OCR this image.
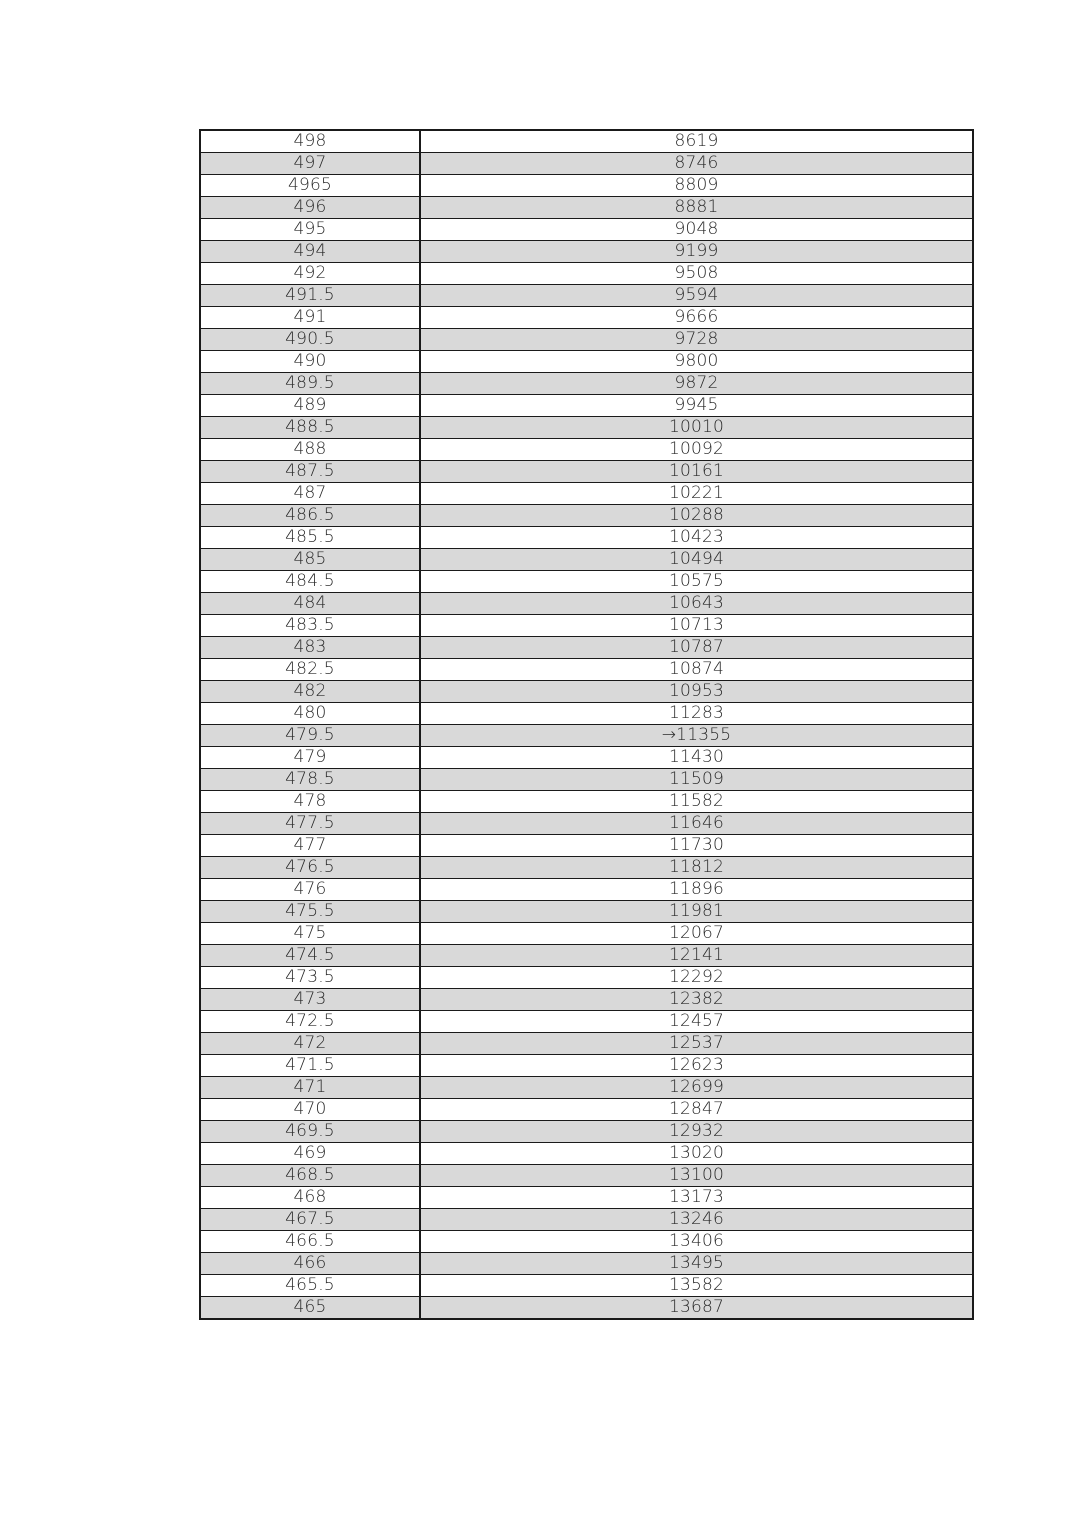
498	8619
497	8746
4965	8809
496	8881
495	9048
494	9199
492	9508
491.5	9594
491	9666
490.5	9728
490	9800
489.5	9872
489	9945
488.5	10010
488	10092
487.5	10161
487	10221
486.5	10288
485.5	10423
485	10494
484.5	10575
484	10643
483.5	10713
483	10787
482.5	10874
482	10953
480	11283
479.5	→11355
479	11430
478.5	11509
478	11582
477.5	11646
477	11730
476.5	11812
476	11896
475.5	11981
475	12067
474.5	12141
473.5	12292
473	12382
472.5	12457
472	12537
471.5	12623
471	12699
470	12847
469.5	12932
469	13020
468.5	13100
468	13173
467.5	13246
466.5	13406
466	13495
465.5	13582
465	13687
